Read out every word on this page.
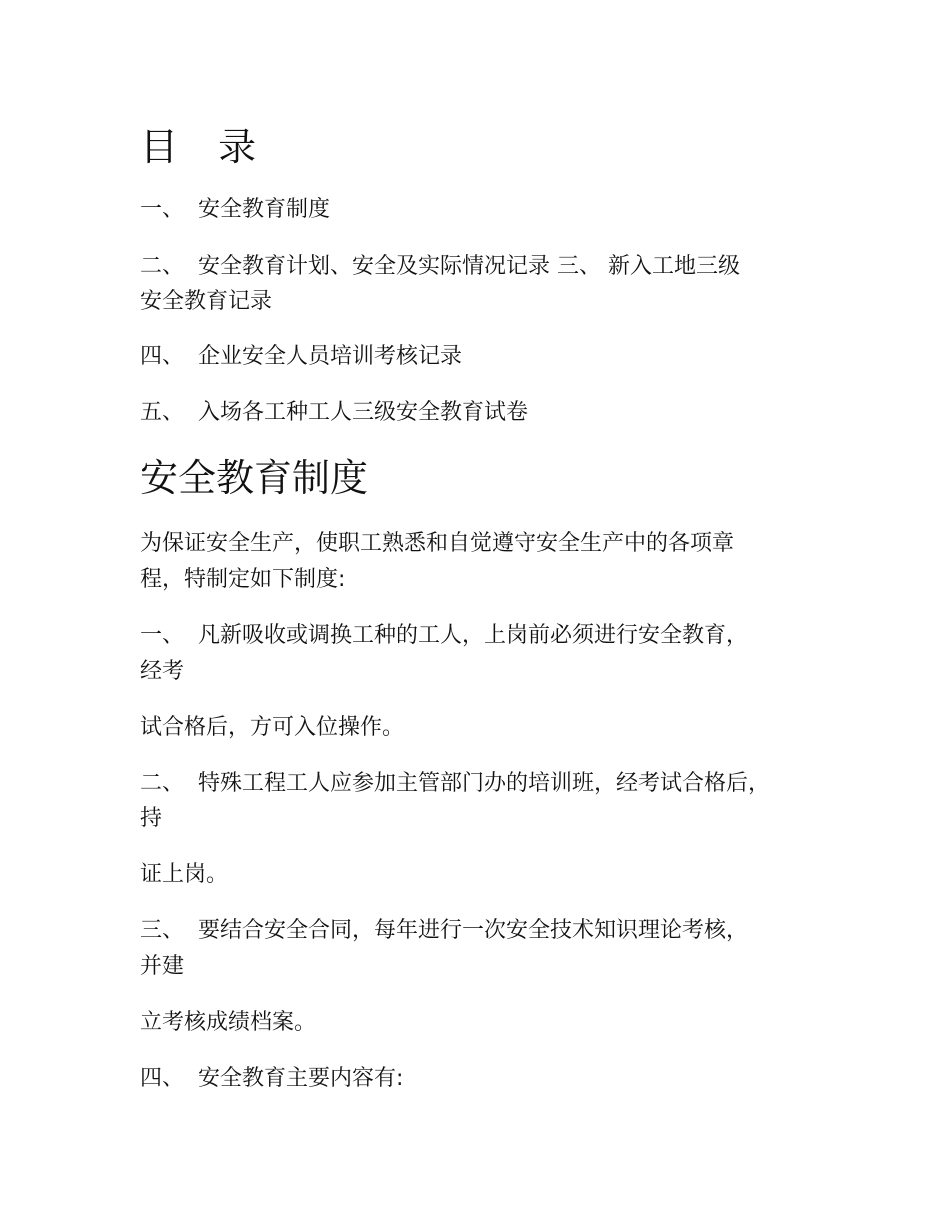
目 录

一、 安全教育制度

二、 安全教育计划、安全及实际情况记录 三、 新入工地三级

安全教育记录

四、 企业安全人员培训考核记录

五、 入场各工种工人三级安全教育试卷

安全教育制度

为保证安全生产，使职工熟悉和自觉遵守安全生产中的各项章

程，特制定如下制度:

一、 凡新吸收或调换工种的工人，上岗前必须进行安全教育，

经考

试合格后，方可入位操作。

二、 特殊工程工人应参加主管部门办的培训班，经考试合格后，

持

证上岗。

三、 要结合安全合同，每年进行一次安全技术知识理论考核，

并建

立考核成绩档案。

四、 安全教育主要内容有:
